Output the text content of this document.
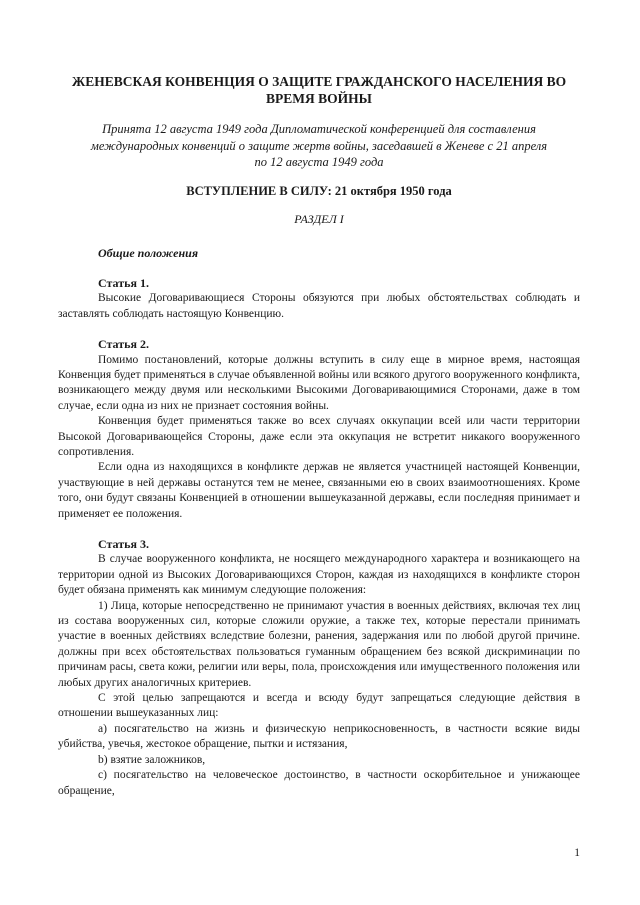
ЖЕНЕВСКАЯ КОНВЕНЦИЯ О ЗАЩИТЕ ГРАЖДАНСКОГО НАСЕЛЕНИЯ ВО ВРЕМЯ ВОЙНЫ

Принята 12 августа 1949 года Дипломатической конференцией для составления международных конвенций о защите жертв войны, заседавшей в Женеве с 21 апреля по 12 августа 1949 года

ВСТУПЛЕНИЕ В СИЛУ: 21 октября 1950 года

РАЗДЕЛ I

Общие положения

Статья 1.

Высокие Договаривающиеся Стороны обязуются при любых обстоятельствах соблюдать и заставлять соблюдать настоящую Конвенцию.

Статья 2.

Помимо постановлений, которые должны вступить в силу еще в мирное время, настоящая Конвенция будет применяться в случае объявленной войны или всякого другого вооруженного конфликта, возникающего между двумя или несколькими Высокими Договаривающимися Сторонами, даже в том случае, если одна из них не признает состояния войны.

Конвенция будет применяться также во всех случаях оккупации всей или части территории Высокой Договаривающейся Стороны, даже если эта оккупация не встретит никакого вооруженного сопротивления.

Если одна из находящихся в конфликте держав не является участницей настоящей Конвенции, участвующие в ней державы останутся тем не менее, связанными ею в своих взаимоотношениях. Кроме того, они будут связаны Конвенцией в отношении вышеуказанной державы, если последняя принимает и применяет ее положения.

Статья 3.

В случае вооруженного конфликта, не носящего международного характера и возникающего на территории одной из Высоких Договаривающихся Сторон, каждая из находящихся в конфликте сторон будет обязана применять как минимум следующие положения:

1) Лица, которые непосредственно не принимают участия в военных действиях, включая тех лиц из состава вооруженных сил, которые сложили оружие, а также тех, которые перестали принимать участие в военных действиях вследствие болезни, ранения, задержания или по любой другой причине. должны при всех обстоятельствах пользоваться гуманным обращением без всякой дискриминации по причинам расы, света кожи, религии или веры, пола, происхождения или имущественного положения или любых других аналогичных критериев.

С этой целью запрещаются и всегда и всюду будут запрещаться следующие действия в отношении вышеуказанных лиц:

а) посягательство на жизнь и физическую неприкосновенность, в частности всякие виды убийства, увечья, жестокое обращение, пытки и истязания,

b) взятие заложников,

с) посягательство на человеческое достоинство, в частности оскорбительное и унижающее обращение,

1
